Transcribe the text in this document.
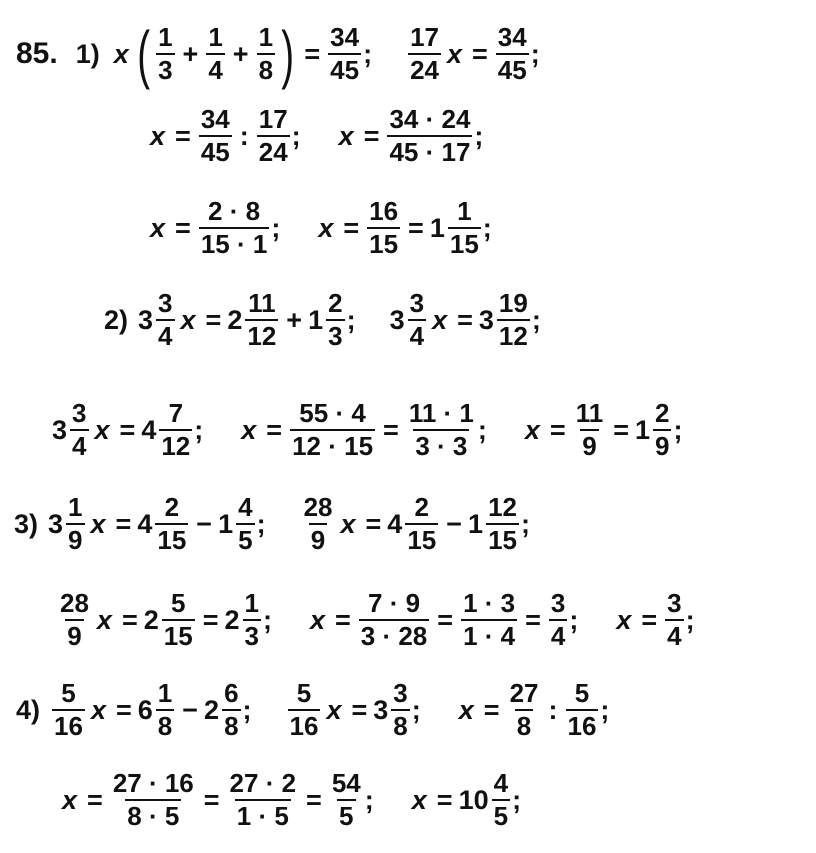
85. 1) x ( $\frac{1}{3} + \frac{1}{4} + \frac{1}{8}$ ) = $\frac{34}{45}$ ; $\frac{17}{24}$ $x = \frac{34}{45}$ ;
$x = \frac{34}{45}$ : $\frac{17}{24}$ ; $x = \frac{34 \cdot 24}{45 \cdot 17}$ ;
$x = \frac{2 \cdot 8}{15 \cdot 1}$ ; $x = \frac{16}{15} = 1 \frac{1}{15}$ ;
2) $3 \frac{3}{4}$ $x = 2 \frac{11}{12} + 1 \frac{2}{3}$ ; $3 \frac{3}{4}$ $x = 3 \frac{19}{12}$ ;
$3 \frac{3}{4}$ $x = 4 \frac{7}{12}$ ; $x = \frac{55 \cdot 4}{12 \cdot 15} = \frac{11 \cdot 1}{3 \cdot 3}$ ; $x = \frac{11}{9} = 1 \frac{2}{9}$ ;
3) $3 \frac{1}{9}$ $x = 4 \frac{2}{15} - 1 \frac{4}{5}$ ; $\frac{28}{9}$ $x = 4 \frac{2}{15} - 1 \frac{12}{15}$ ;
$\frac{28}{9}$ $x = 2 \frac{5}{15} = 2 \frac{1}{3}$ ; $x = \frac{7 \cdot 9}{3 \cdot 28} = \frac{1 \cdot 3}{1 \cdot 4} = \frac{3}{4}$ ; $x = \frac{3}{4}$ ;
$4) \frac{5}{16}$ $x = 6 \frac{1}{8} - 2 \frac{6}{8}$ ; $\frac{5}{16}$ $x = 3 \frac{3}{8}$ ; $x = \frac{27}{8}$ : $\frac{5}{16}$ ;
$x = \frac{27 \cdot 16}{8 \cdot 5} = \frac{27 \cdot 2}{1 \cdot 5} = \frac{54}{5}$ ; $x = 10 \frac{4}{5}$ ;
